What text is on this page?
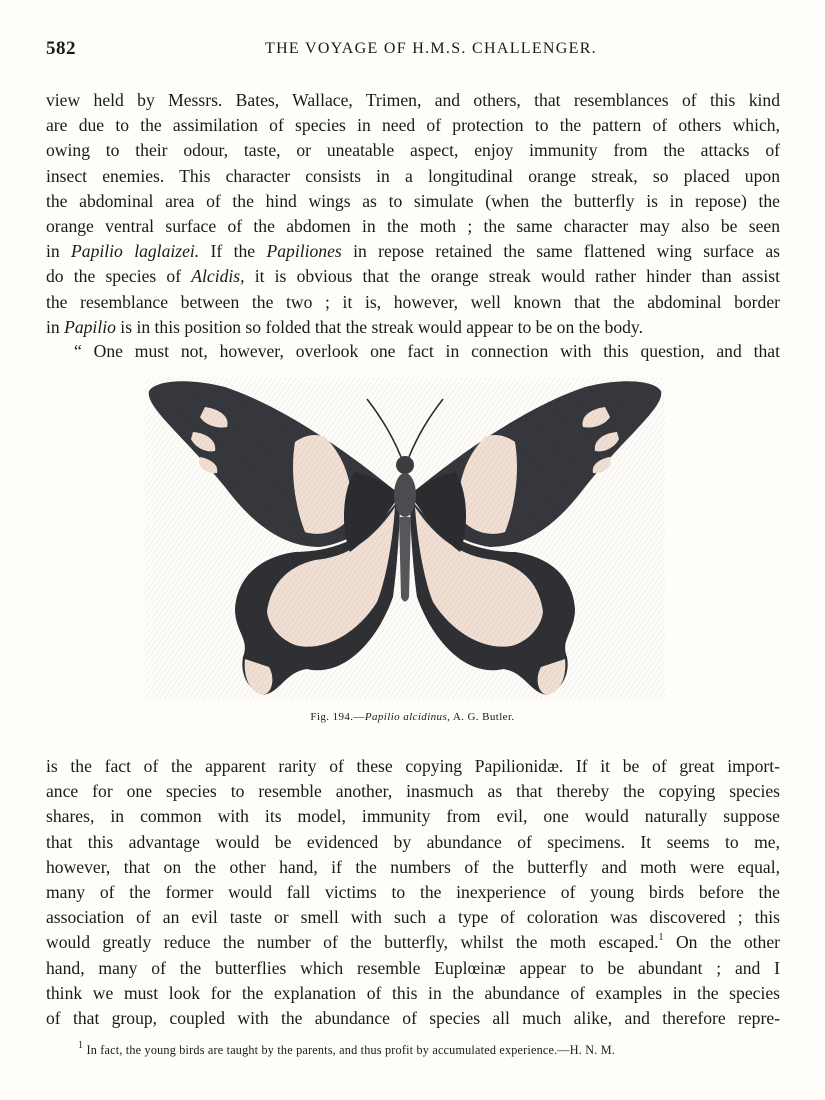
582	THE VOYAGE OF H.M.S. CHALLENGER.
view held by Messrs. Bates, Wallace, Trimen, and others, that resemblances of this kind
are due to the assimilation of species in need of protection to the pattern of others which,
owing to their odour, taste, or uneatable aspect, enjoy immunity from the attacks of
insect enemies. This character consists in a longitudinal orange streak, so placed upon
the abdominal area of the hind wings as to simulate (when the butterfly is in repose) the
orange ventral surface of the abdomen in the moth ; the same character may also be seen
in Papilio laglaizei. If the Papiliones in repose retained the same flattened wing surface as
do the species of Alcidis, it is obvious that the orange streak would rather hinder than assist
the resemblance between the two ; it is, however, well known that the abdominal border
in Papilio is in this position so folded that the streak would appear to be on the body.
“ One must not, however, overlook one fact in connection with this question, and that
Fig. 194.—Papilio alcidinus, A. G. Butler.
is the fact of the apparent rarity of these copying Papilionidæ. If it be of great import-
ance for one species to resemble another, inasmuch as that thereby the copying species
shares, in common with its model, immunity from evil, one would naturally suppose
that this advantage would be evidenced by abundance of specimens. It seems to me,
however, that on the other hand, if the numbers of the butterfly and moth were equal,
many of the former would fall victims to the inexperience of young birds before the
association of an evil taste or smell with such a type of coloration was discovered ; this
would greatly reduce the number of the butterfly, whilst the moth escaped.$^1$ On the other
hand, many of the butterflies which resemble Euplœinæ appear to be abundant ; and I
think we must look for the explanation of this in the abundance of examples in the species
of that group, coupled with the abundance of species all much alike, and therefore repre-
$^1$ In fact, the young birds are taught by the parents, and thus profit by accumulated experience.—H. N. M.
